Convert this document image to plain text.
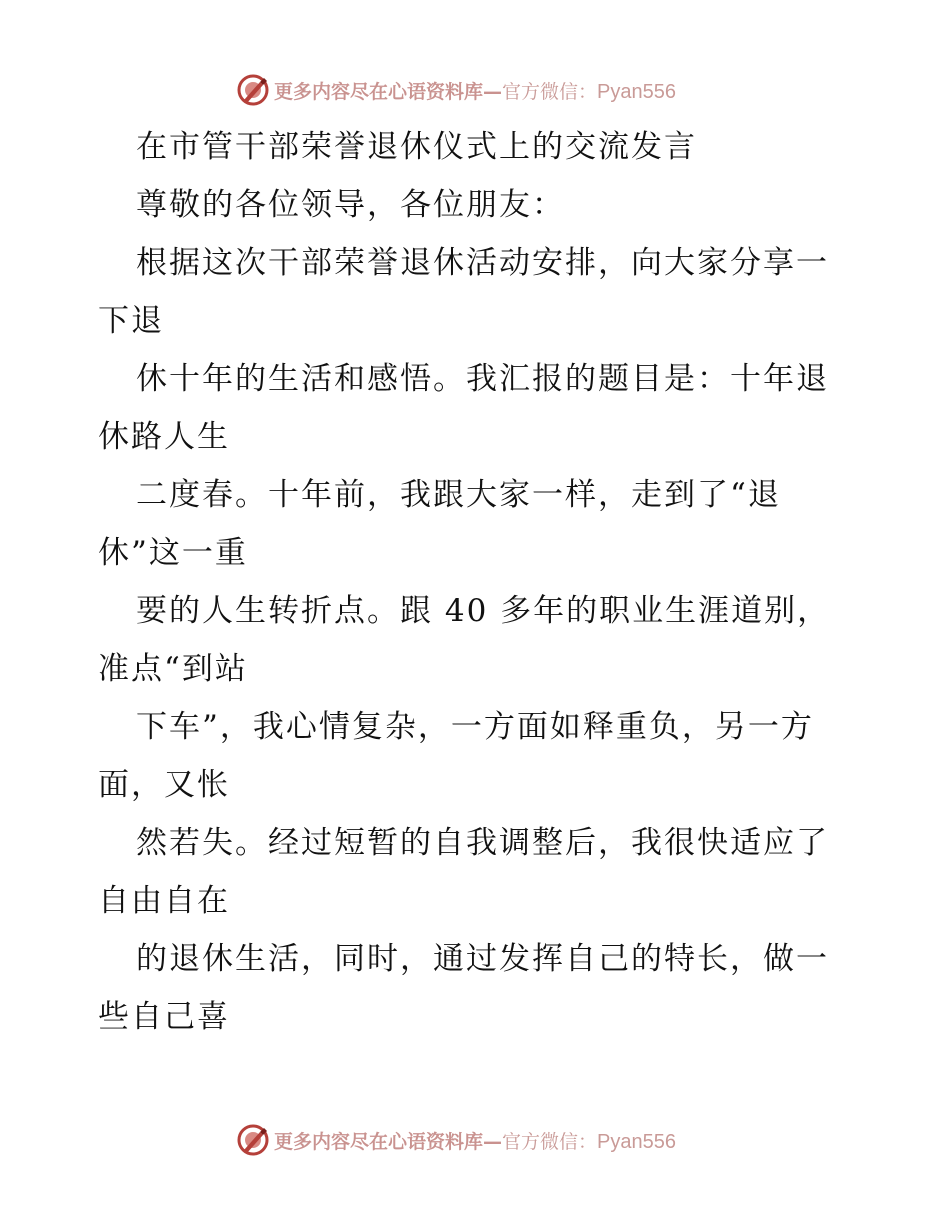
更多内容尽在心语资料库—官方微信：Pyan556
在市管干部荣誉退休仪式上的交流发言
尊敬的各位领导，各位朋友：
根据这次干部荣誉退休活动安排，向大家分享一
下退
休十年的生活和感悟。我汇报的题目是：十年退
休路人生
二度春。十年前，我跟大家一样，走到了“退
休”这一重
要的人生转折点。跟 40 多年的职业生涯道别，
准点“到站
下车”，我心情复杂，一方面如释重负，另一方
面，又怅
然若失。经过短暂的自我调整后，我很快适应了
自由自在
的退休生活，同时，通过发挥自己的特长，做一
些自己喜
更多内容尽在心语资料库—官方微信：Pyan556
